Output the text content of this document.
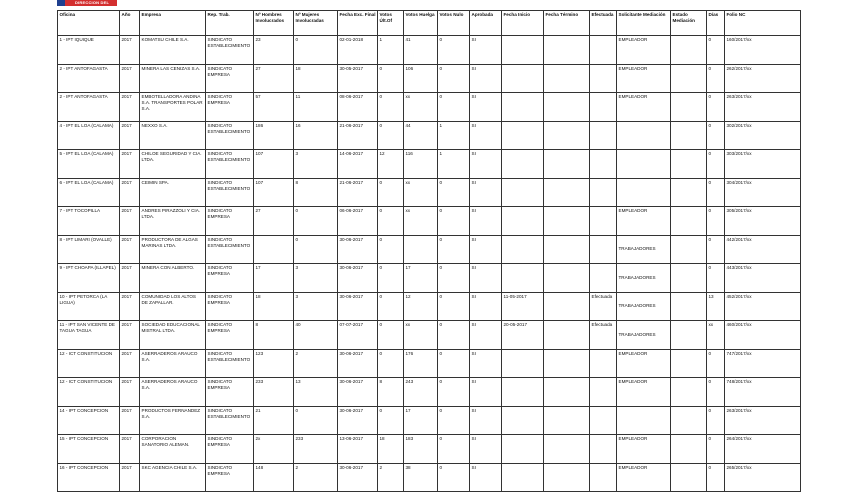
DIRECCION DEL TRABAJO
Oficina	Año	Empresa	Rep. Trab.	Nº Hombres Involucrados	Nº Mujeres Involucradas	Fecha Exc. Final	Votos Últ.Of	Votos Huelga	Votos Nulo	Aprobada	Fecha Inicio	Fecha Término	Efectuada	Solicitante Mediación	Estado Mediación	Días	Folio NC
1 - IPT IQUIQUE	2017	KOMATSU CHILE S.A.	SINDICATO ESTABLECIMIENTO	23	0	02-01-2018	1	41	0	SI				EMPLEADOR		0	160/2017/xx
2 - IPT ANTOFAGASTA	2017	MINERA LAS CENIZAS S.A.	SINDICATO EMPRESA	27	18	30-05-2017	0	106	0	SI				EMPLEADOR		0	262/2017/xx
2 - IPT ANTOFAGASTA	2017	EMBOTELLADORA ANDINA S.A. TRANSPORTES POLAR S.A.	SINDICATO EMPRESA	57	11	08-06-2017	0	xx	0	SI				EMPLEADOR		0	263/2017/xx
4 - IPT EL LOA (CALAMA)	2017	NEXXO S.A.	SINDICATO ESTABLECIMIENTO	186	16	21-06-2017	0	44	1	SI						0	302/2017/xx
5 - IPT EL LOA (CALAMA)	2017	CHILOE SEGURIDAD Y CIA. LTDA.	SINDICATO ESTABLECIMIENTO	107	3	14-06-2017	12	116	1	SI						0	303/2017/xx
6 - IPT EL LOA (CALAMA)	2017	CEIMIN SPA.	SINDICATO ESTABLECIMIENTO	107	8	21-06-2017	0	xx	0	SI						0	304/2017/xx
7 - IPT TOCOPILLA	2017	ANDRES PIRAZZOLI Y CIA. LTDA.	SINDICATO EMPRESA	27	0	06-06-2017	0	xx	0	SI				EMPLEADOR		0	305/2017/xx
8 - IPT LIMARI (OVALLE)	2017	PRODUCTORA DE ALGAS MARINAS LTDA.	SINDICATO ESTABLECIMIENTO		0	30-06-2017	0		0	SI				TRABAJADORES		0	442/2017/xx
9 - IPT CHOAPA (ILLAPEL)	2017	MINERA CON ALBERTO.	SINDICATO EMPRESA	17	3	30-06-2017	0	17	0	SI				TRABAJADORES		0	443/2017/xx
10 - IPT PETORCA (LA LIGUA)	2017	COMUNIDAD LOS ALTOS DE ZAPALLAR.	SINDICATO EMPRESA	18	3	30-06-2017	0	12	0	SI	11-05-2017		Efectuada	TRABAJADORES		13	452/2017/xx
11 - IPT SAN VICENTE DE TAGUA TAGUA	2017	SOCIEDAD EDUCACIONAL MISTRAL LTDA.	SINDICATO EMPRESA	8	40	07-07-2017	0	xx	0	SI	20-05-2017		Efectuada	TRABAJADORES		xx	460/2017/xx
12 - ICT CONSTITUCION	2017	ASERRADEROS ARAUCO S.A.	SINDICATO ESTABLECIMIENTO	123	2	30-06-2017	0	176	0	SI				EMPLEADOR		0	747/2017/xx
12 - ICT CONSTITUCION	2017	ASERRADEROS ARAUCO S.A.	SINDICATO EMPRESA	233	13	30-06-2017	8	243	0	SI				EMPLEADOR		0	748/2017/xx
14 - IPT CONCEPCION	2017	PRODUCTOS FERNANDEZ S.A.	SINDICATO ESTABLECIMIENTO	21	0	30-06-2017	0	17	0	SI						0	263/2017/xx
15 - IPT CONCEPCION	2017	CORPORACION SANATORIO ALEMAN.	SINDICATO EMPRESA	2x	233	13-06-2017	18	183	0	SI				EMPLEADOR		0	264/2017/xx
16 - IPT CONCEPCION	2017	SKC AGENCIA CHILE S.A.	SINDICATO EMPRESA	148	2	30-06-2017	2	38	0	SI				EMPLEADOR		0	265/2017/xx
